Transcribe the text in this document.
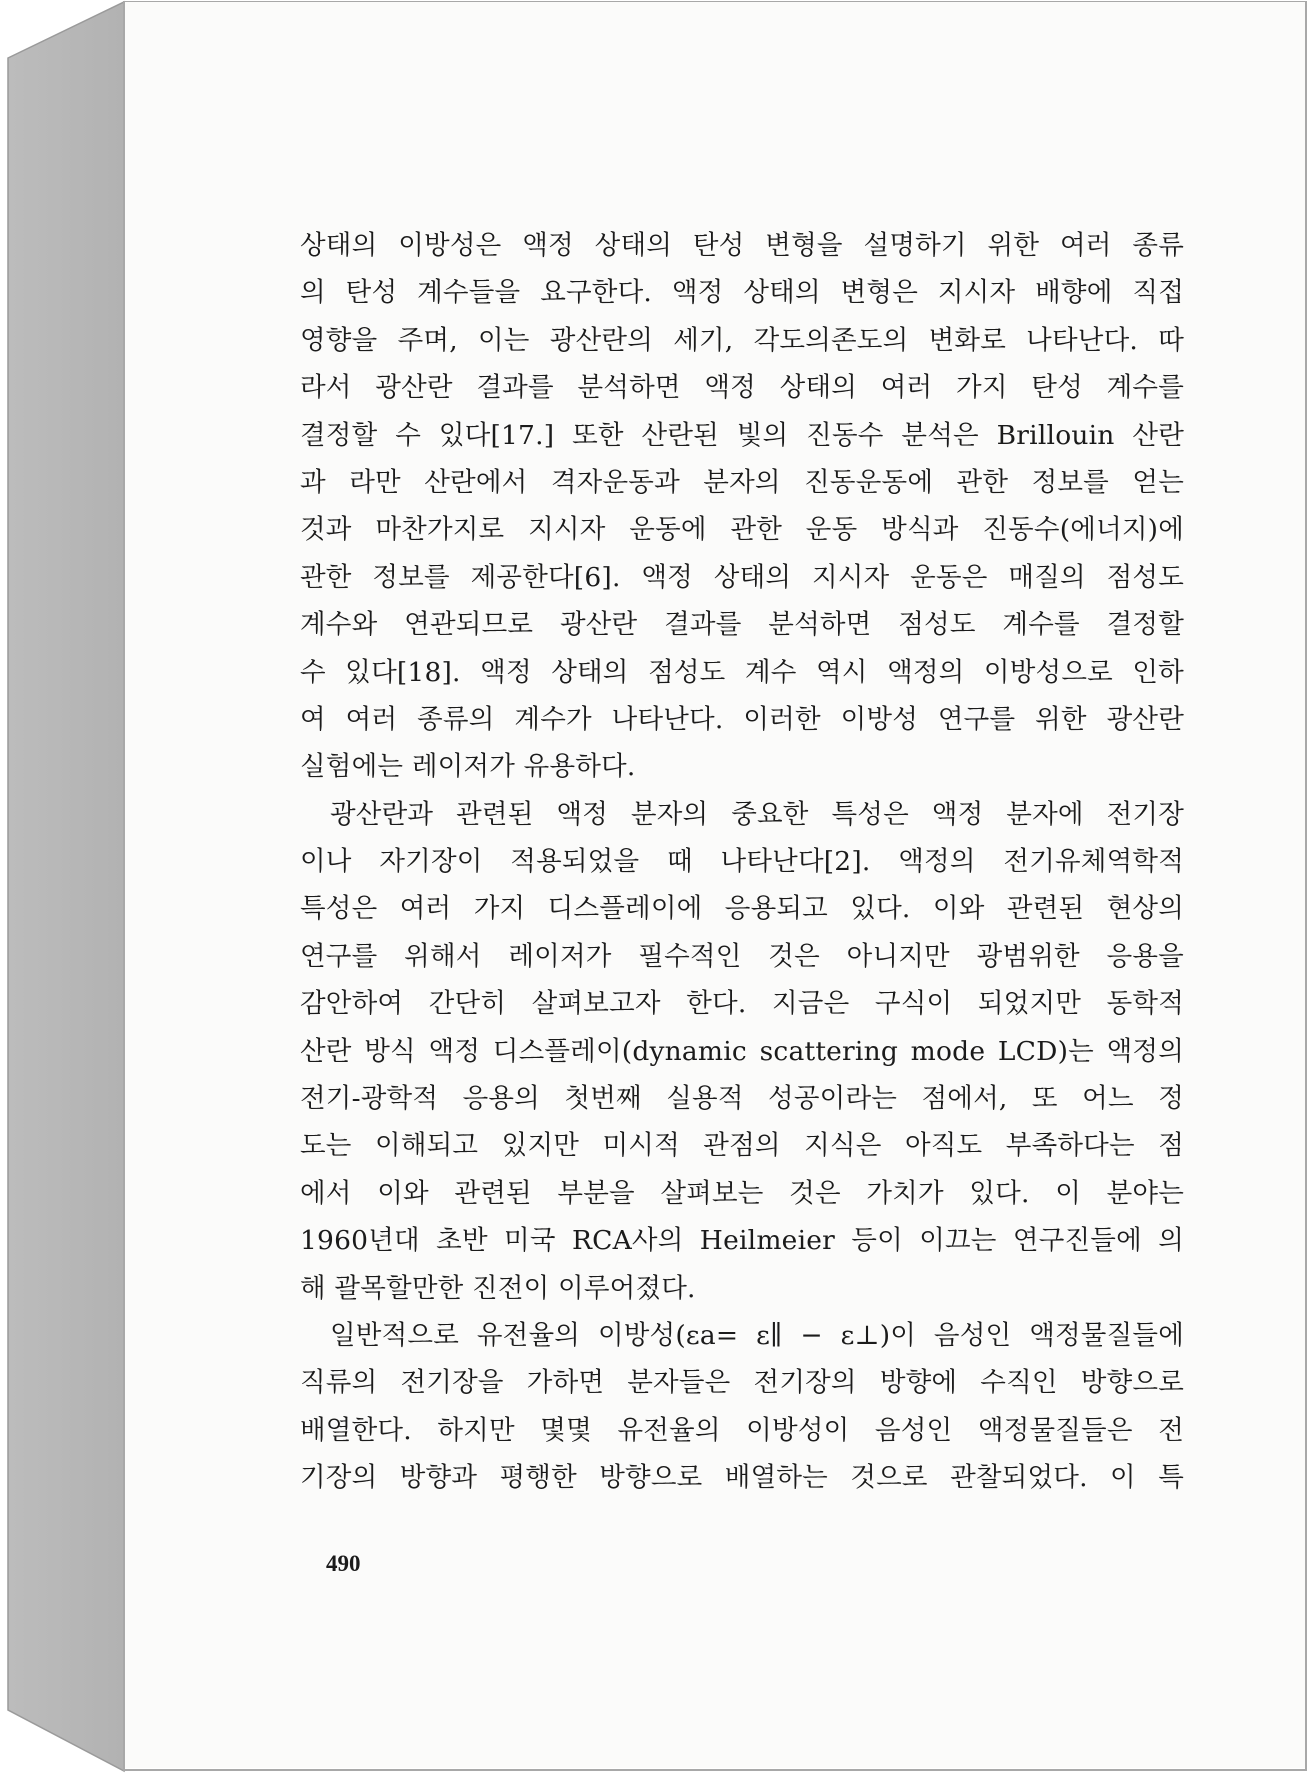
상태의 이방성은 액정 상태의 탄성 변형을 설명하기 위한 여러 종류
의 탄성 계수들을 요구한다. 액정 상태의 변형은 지시자 배향에 직접
영향을 주며, 이는 광산란의 세기, 각도의존도의 변화로 나타난다. 따
라서 광산란 결과를 분석하면 액정 상태의 여러 가지 탄성 계수를
결정할 수 있다[17.] 또한 산란된 빛의 진동수 분석은 Brillouin 산란
과 라만 산란에서 격자운동과 분자의 진동운동에 관한 정보를 얻는
것과 마찬가지로 지시자 운동에 관한 운동 방식과 진동수(에너지)에
관한 정보를 제공한다[6]. 액정 상태의 지시자 운동은 매질의 점성도
계수와 연관되므로 광산란 결과를 분석하면 점성도 계수를 결정할
수 있다[18]. 액정 상태의 점성도 계수 역시 액정의 이방성으로 인하
여 여러 종류의 계수가 나타난다. 이러한 이방성 연구를 위한 광산란
실험에는 레이저가 유용하다.
광산란과 관련된 액정 분자의 중요한 특성은 액정 분자에 전기장
이나 자기장이 적용되었을 때 나타난다[2]. 액정의 전기유체역학적
특성은 여러 가지 디스플레이에 응용되고 있다. 이와 관련된 현상의
연구를 위해서 레이저가 필수적인 것은 아니지만 광범위한 응용을
감안하여 간단히 살펴보고자 한다. 지금은 구식이 되었지만 동학적
산란 방식 액정 디스플레이(dynamic scattering mode LCD)는 액정의
전기-광학적 응용의 첫번째 실용적 성공이라는 점에서, 또 어느 정
도는 이해되고 있지만 미시적 관점의 지식은 아직도 부족하다는 점
에서 이와 관련된 부분을 살펴보는 것은 가치가 있다. 이 분야는
1960년대 초반 미국 RCA사의 Heilmeier 등이 이끄는 연구진들에 의
해 괄목할만한 진전이 이루어졌다.
일반적으로 유전율의 이방성(εa= ε∥ − ε⊥)이 음성인 액정물질들에
직류의 전기장을 가하면 분자들은 전기장의 방향에 수직인 방향으로
배열한다. 하지만 몇몇 유전율의 이방성이 음성인 액정물질들은 전
기장의 방향과 평행한 방향으로 배열하는 것으로 관찰되었다. 이 특
490
